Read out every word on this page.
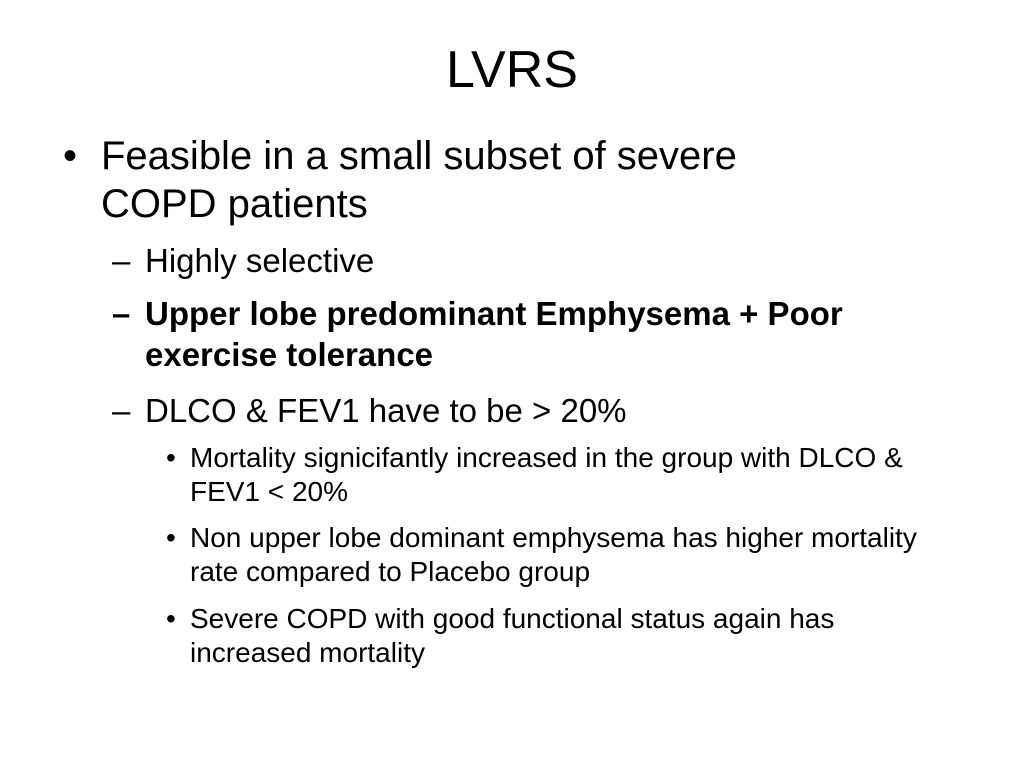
LVRS
• Feasible in a small subset of severe COPD patients
– Highly selective
– Upper lobe predominant Emphysema + Poor exercise tolerance
– DLCO & FEV1 have to be > 20%
• Mortality signicifantly increased in the group with DLCO & FEV1 < 20%
• Non upper lobe dominant emphysema has higher mortality rate compared to Placebo group
• Severe COPD with good functional status again has increased mortality
